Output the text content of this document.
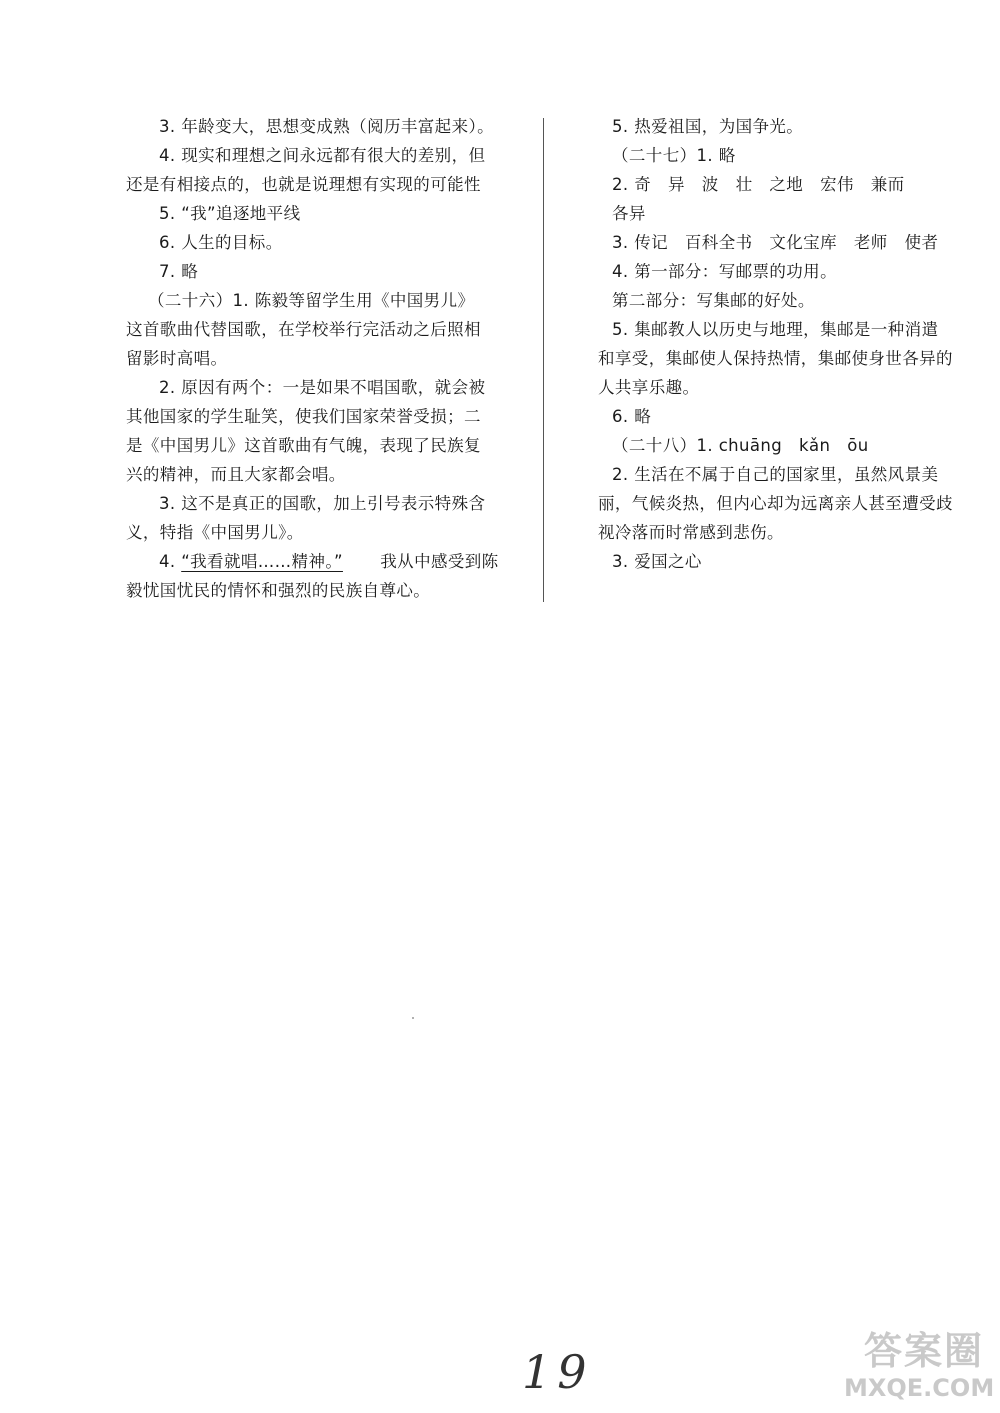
3. 年龄变大，思想变成熟（阅历丰富起来）。
4. 现实和理想之间永远都有很大的差别，但
还是有相接点的，也就是说理想有实现的可能性
5. “我”追逐地平线
6. 人生的目标。
7. 略
（二十六）1. 陈毅等留学生用《中国男儿》
这首歌曲代替国歌，在学校举行完活动之后照相
留影时高唱。
2. 原因有两个：一是如果不唱国歌，就会被
其他国家的学生耻笑，使我们国家荣誉受损；二
是《中国男儿》这首歌曲有气魄，表现了民族复
兴的精神，而且大家都会唱。
3. 这不是真正的国歌，加上引号表示特殊含
义，特指《中国男儿》。
4. “我看就唱……精神。” 我从中感受到陈
毅忧国忧民的情怀和强烈的民族自尊心。
5. 热爱祖国，为国争光。
（二十七）1. 略
2. 奇　异　波　壮　之地　宏伟　兼而
各异
3. 传记　百科全书　文化宝库　老师　使者
4. 第一部分：写邮票的功用。
第二部分：写集邮的好处。
5. 集邮教人以历史与地理，集邮是一种消遣
和享受，集邮使人保持热情，集邮使身世各异的
人共享乐趣。
6. 略
（二十八）1. chuāng　kǎn　ōu
2. 生活在不属于自己的国家里，虽然风景美
丽，气候炎热，但内心却为远离亲人甚至遭受歧
视冷落而时常感到悲伤。
3. 爱国之心
19	答案圈
MXQE.COM
